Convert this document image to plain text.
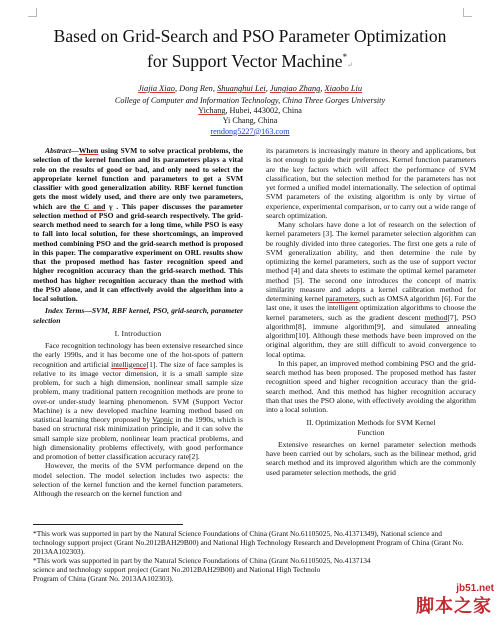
Based on Grid-Search and PSO Parameter Optimization
for Support Vector Machine*↵
Jiajia Xiao, Dong Ren, Shuanghui Lei, Jungiao Zhang, Xiaobo Liu
College of Computer and Information Technology, China Three Gorges University
Yichang, Hubei, 443002, China
Yi Chang, China
rendong5227@163.com

Abstract—When using SVM to solve practical problems, the selection of the kernel function and its parameters plays a vital role on the results of good or bad, and only need to select the appropriate kernel function and parameters to get a SVM classifier with good generalization ability. RBF kernel function gets the most widely used, and there are only two parameters, which are the C and γ . This paper discusses the parameter selection method of PSO and grid-search respectively. The grid-search method need to search for a long time, while PSO is easy to fall into local solution, for these shortcomings, an improved method combining PSO and the grid-search method is proposed in this paper. The comparative experiment on ORL results show that the proposed method has faster recognition speed and higher recognition accuracy than the grid-search method. This method has higher recognition accuracy than the method with the PSO alone, and it can effectively avoid the algorithm into a local solution.

Index Terms—SVM, RBF kernel, PSO, grid-search, parameter selection

I. Introduction

Face recognition technology has been extensive researched since the early 1990s, and it has become one of the hot-spots of pattern recognition and artificial intelligence[1]. The size of face samples is relative to its image vector dimension, it is a small sample size problem, for such a high dimension, nonlinear small sample size problem, many traditional pattern recognition methods are prone to over-or under-study learning phenomenon. SVM (Support Vector Machine) is a new developed machine learning method based on statistical learning theory proposed by Vapnic in the 1990s, which is based on structural risk minimization principle, and it can solve the small sample size problem, nonlinear learn practical problems, and high dimensionality problems effectively, with good performance and promotion of better classification accuracy rate[2].

However, the merits of the SVM performance depend on the model selection. The model selection includes two aspects: the selection of the kernel function and the kernel function parameters. Although the research on the kernel function and

its parameters is increasingly mature in theory and applications, but is not enough to guide their preferences. Kernel function parameters are the key factors which will affect the performance of SVM classification, but the selection method for the parameters has not yet formed a unified model internationally. The selection of optimal SVM parameters of the existing algorithm is only by virtue of experience, experimental comparison, or to carry out a wide range of search optimization.

Many scholars have done a lot of research on the selection of kernel parameters [3]. The kernel parameter selection algorithm can be roughly divided into three categories. The first one gets a rule of SVM generalization ability, and then determine the rule by optimizing the kernel parameters, such as the use of support vector method [4] and data sheets to estimate the optimal kernel parameter method [5]. The second one introduces the concept of matrix similarity measure and adopts a kernel calibration method for determining kernel parameters, such as OMSA algorithm [6]. For the last one, it uses the intelligent optimization algorithms to choose the kernel parameters, such as the gradient descent method[7], PSO algorithm[8], immune algorithm[9], and simulated annealing algorithm[10]. Although these methods have been improved on the original algorithm, they are still difficult to avoid convergence to local optima.

In this paper, an improved method combining PSO and the grid-search method has been proposed. The proposed method has faster recognition speed and higher recognition accuracy than the grid-search method. And this method has higher recognition accuracy than that uses the PSO alone, with effectively avoiding the algorithm into a local solution.

II. Optimization Methods for SVM Kernel
Function

Extensive researches on kernel parameter selection methods have been carried out by scholars, such as the bilinear method, grid search method and its improved algorithm which are the commonly used parameter selection methods, the grid

*This work was supported in part by the Natural Science Foundations of China (Grant No.61105025, No.41371349), National science and technology support project (Grant No.2012BAH29B00) and National High Technology Research and Development Program of China (Grant No. 2013AA102303).

*This work was supported in part by the Natural Science Foundations of China (Grant No.61105025, No.4137134

science and technology support project (Grant No.2012BAH29B00) and National High Technolo

Program of China (Grant No. 2013AA102303).

jb51.net
脚本之家
